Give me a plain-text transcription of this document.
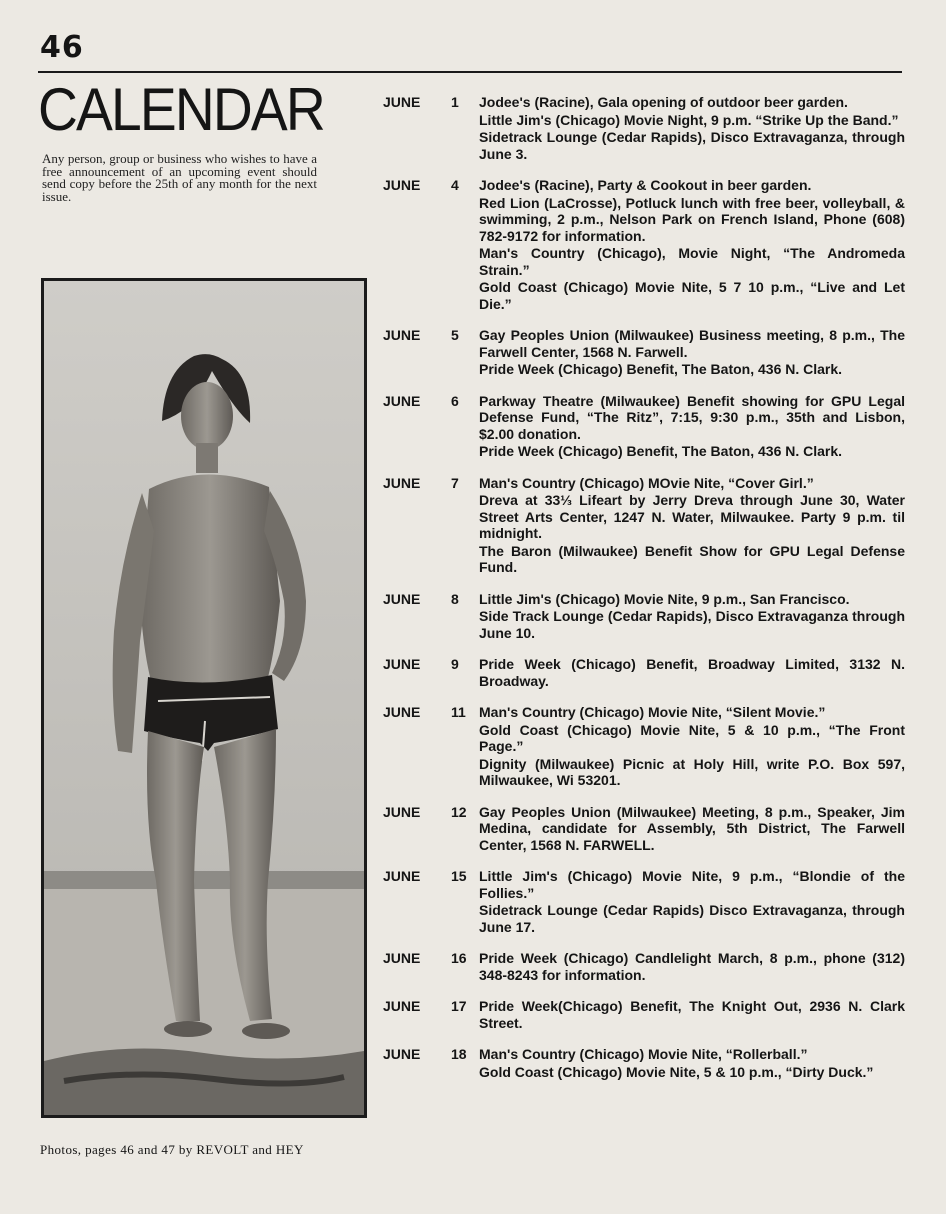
46
CALENDAR
Any person, group or business who wishes to have a free announcement of an upcoming event should send copy before the 25th of any month for the next issue.
Photos, pages 46 and 47 by REVOLT and HEY
JUNE	1	Jodee's (Racine), Gala opening of outdoor beer garden.
Little Jim's (Chicago) Movie Night, 9 p.m. “Strike Up the Band.”
Sidetrack Lounge (Cedar Rapids), Disco Extravaganza, through June 3.
JUNE	4	Jodee's (Racine), Party & Cookout in beer garden.
Red Lion (LaCrosse), Potluck lunch with free beer, volleyball, & swimming, 2 p.m., Nelson Park on French Island, Phone (608) 782-9172 for information.
Man's Country (Chicago), Movie Night, “The Andromeda Strain.”
Gold Coast (Chicago) Movie Nite, 5 7 10 p.m., “Live and Let Die.”
JUNE	5	Gay Peoples Union (Milwaukee) Business meeting, 8 p.m., The Farwell Center, 1568 N. Farwell.
Pride Week (Chicago) Benefit, The Baton, 436 N. Clark.
JUNE	6	Parkway Theatre (Milwaukee) Benefit showing for GPU Legal Defense Fund, “The Ritz”, 7:15, 9:30 p.m., 35th and Lisbon, $2.00 donation.
Pride Week (Chicago) Benefit, The Baton, 436 N. Clark.
JUNE	7	Man's Country (Chicago) MOvie Nite, “Cover Girl.”
Dreva at 33⅓ Lifeart by Jerry Dreva through June 30, Water Street Arts Center, 1247 N. Water, Milwaukee. Party 9 p.m. til midnight.
The Baron (Milwaukee) Benefit Show for GPU Legal Defense Fund.
JUNE	8	Little Jim's (Chicago) Movie Nite, 9 p.m., San Francisco.
Side Track Lounge (Cedar Rapids), Disco Extravaganza through June 10.
JUNE	9	Pride Week (Chicago) Benefit, Broadway Limited, 3132 N. Broadway.
JUNE	11 Man's Country (Chicago) Movie Nite, “Silent Movie.”
Gold Coast (Chicago) Movie Nite, 5 & 10 p.m., “The Front Page.”
Dignity (Milwaukee) Picnic at Holy Hill, write P.O. Box 597, Milwaukee, Wi 53201.
JUNE	12 Gay Peoples Union (Milwaukee) Meeting, 8 p.m., Speaker, Jim Medina, candidate for Assembly, 5th District, The Farwell Center, 1568 N. FARWELL.
JUNE	15 Little Jim's (Chicago) Movie Nite, 9 p.m., “Blondie of the Follies.”
Sidetrack Lounge (Cedar Rapids) Disco Extravaganza, through June 17.
JUNE	16 Pride Week (Chicago) Candlelight March, 8 p.m., phone (312) 348-8243 for information.
JUNE	17 Pride Week(Chicago) Benefit, The Knight Out, 2936 N. Clark Street.
JUNE	18 Man's Country (Chicago) Movie Nite, “Rollerball.”
Gold Coast (Chicago) Movie Nite, 5 & 10 p.m., “Dirty Duck.”
